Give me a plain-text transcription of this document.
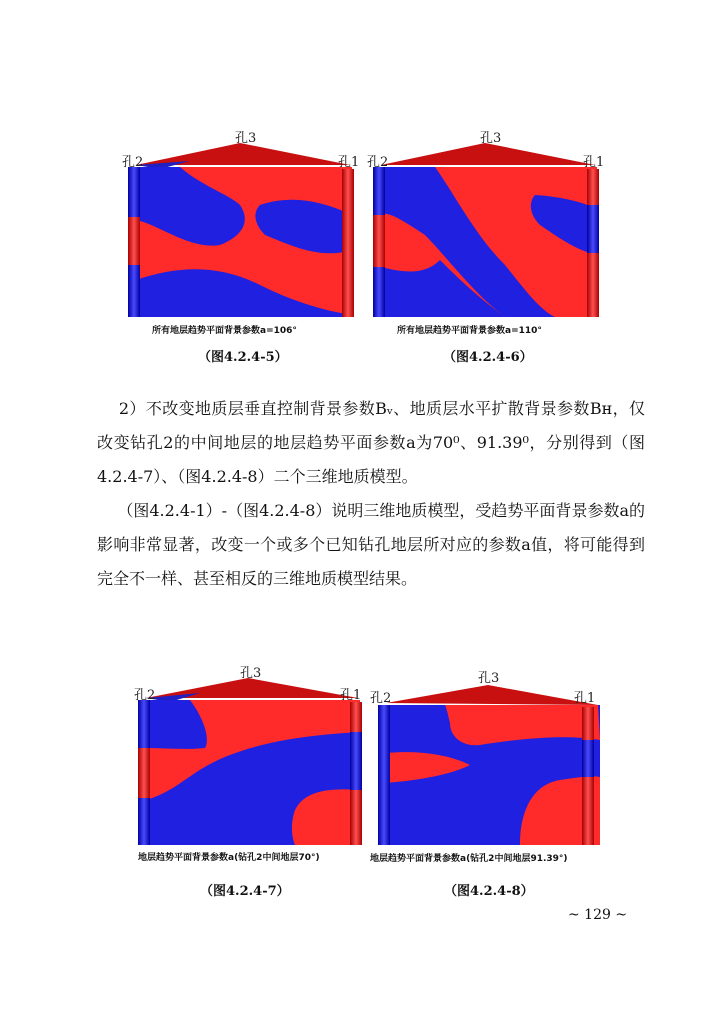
孔3
孔2	孔1
所有地层趋势平面背景参数a=106°
（图4.2.4-5）
孔3
孔2	孔1
所有地层趋势平面背景参数a=110°
（图4.2.4-6）
2）不改变地质层垂直控制背景参数Bᵥ、地质层水平扩散背景参数Bʜ，仅改变钻孔2的中间地层的地层趋势平面参数a为70⁰、91.39⁰，分别得到（图4.2.4-7）、（图4.2.4-8）二个三维地质模型。
（图4.2.4-1）-（图4.2.4-8）说明三维地质模型，受趋势平面背景参数a的影响非常显著，改变一个或多个已知钻孔地层所对应的参数a值，将可能得到完全不一样、甚至相反的三维地质模型结果。
孔3
孔2	孔1
地层趋势平面背景参数a(钻孔2中间地层70°)
（图4.2.4-7）
孔3
孔2	孔1
地层趋势平面背景参数a(钻孔2中间地层91.39°)
（图4.2.4-8）
~ 129 ~
